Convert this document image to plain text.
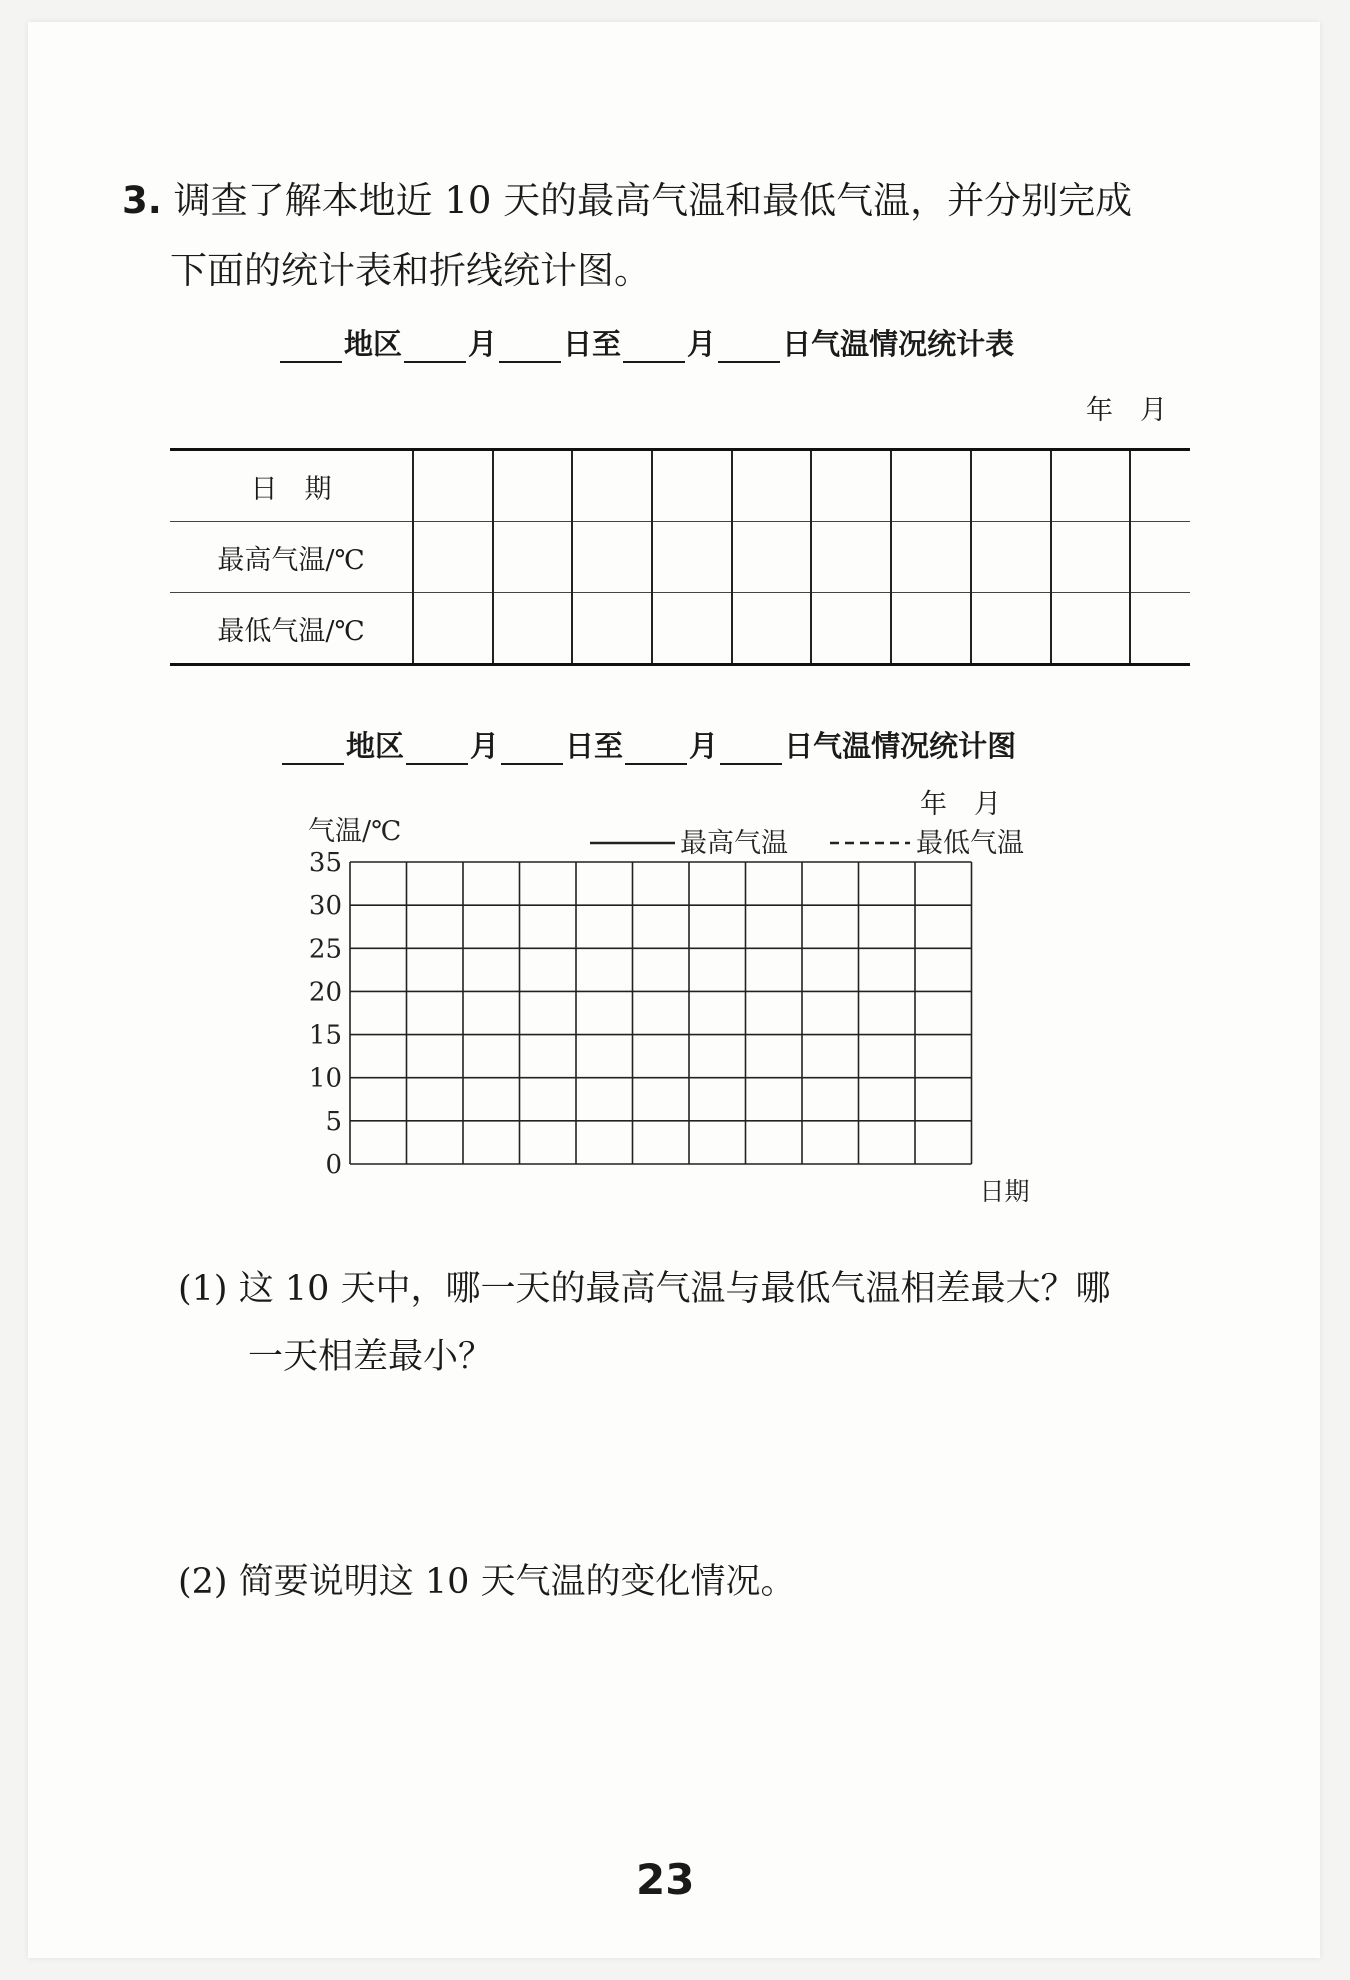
3. 调查了解本地近 10 天的最高气温和最低气温，并分别完成
下面的统计表和折线统计图。
地区 月 日至 月 日气温情况统计表
年　月
日　期										
最高气温/℃										
最低气温/℃										
地区 月 日至 月 日气温情况统计图
年　月
0
5
10
15
20
25
30
35
气温/℃
日期
最高气温	最低气温
(1) 这 10 天中，哪一天的最高气温与最低气温相差最大？哪
一天相差最小？
(2) 简要说明这 10 天气温的变化情况。
23
